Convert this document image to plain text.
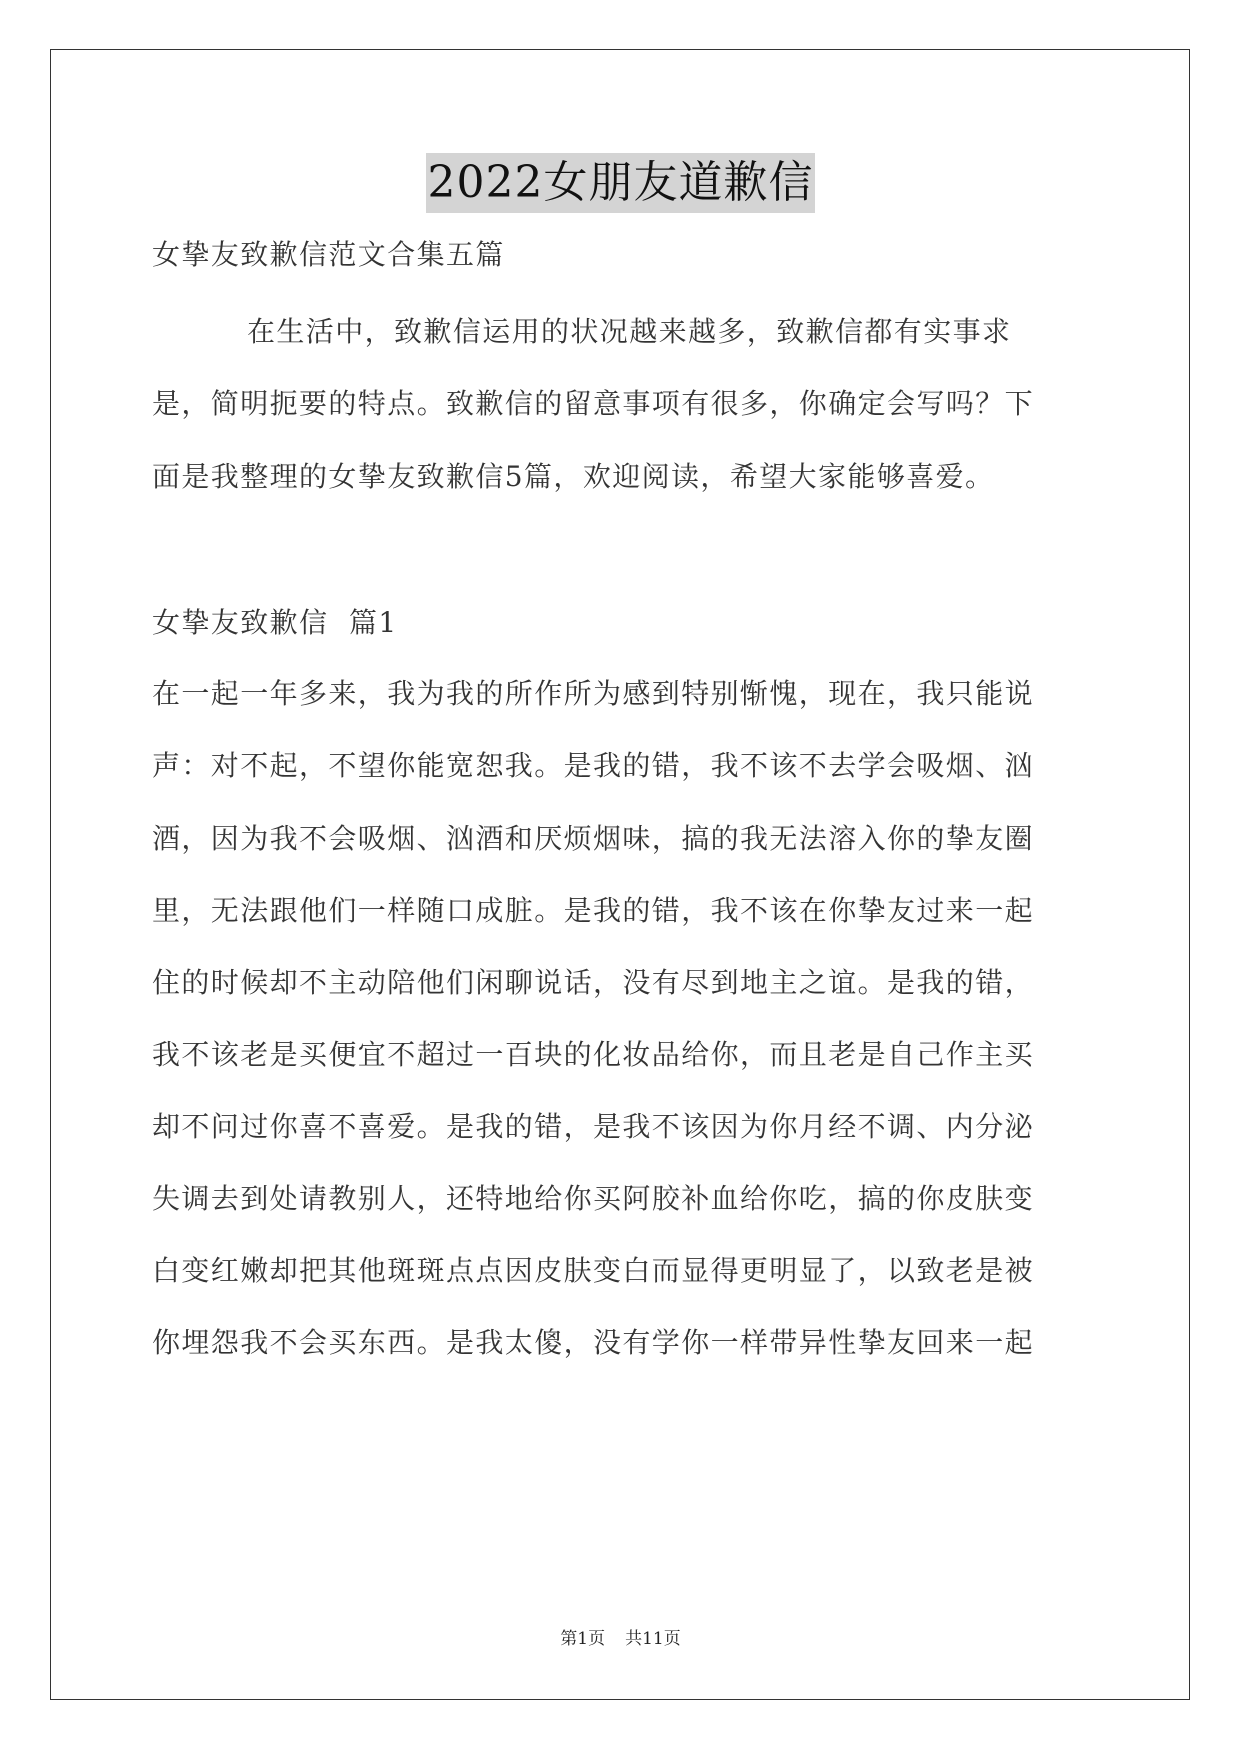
2022女朋友道歉信
女挚友致歉信范文合集五篇
在生活中，致歉信运用的状况越来越多，致歉信都有实事求
是，简明扼要的特点。致歉信的留意事项有很多，你确定会写吗？下
面是我整理的女挚友致歉信5篇，欢迎阅读，希望大家能够喜爱。
女挚友致歉信  篇1
在一起一年多来，我为我的所作所为感到特别惭愧，现在，我只能说
声：对不起，不望你能宽恕我。是我的错，我不该不去学会吸烟、汹
酒，因为我不会吸烟、汹酒和厌烦烟味，搞的我无法溶入你的挚友圈
里，无法跟他们一样随口成脏。是我的错，我不该在你挚友过来一起
住的时候却不主动陪他们闲聊说话，没有尽到地主之谊。是我的错，
我不该老是买便宜不超过一百块的化妆品给你，而且老是自己作主买
却不问过你喜不喜爱。是我的错，是我不该因为你月经不调、内分泌
失调去到处请教别人，还特地给你买阿胶补血给你吃，搞的你皮肤变
白变红嫩却把其他斑斑点点因皮肤变白而显得更明显了，以致老是被
你埋怨我不会买东西。是我太傻，没有学你一样带异性挚友回来一起
第1页 共11页
